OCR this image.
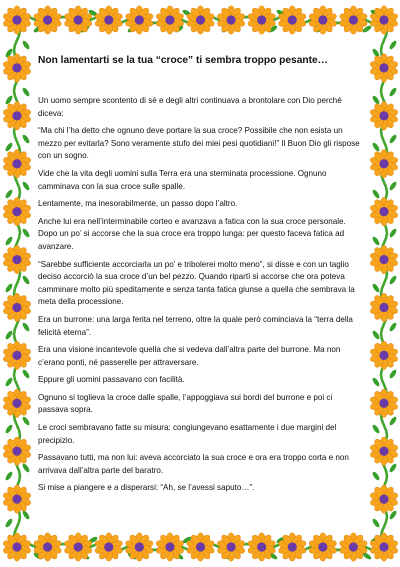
Non lamentarti se la tua “croce” ti sembra troppo pesante…

Un uomo sempre scontento di sé e degli altri continuava a brontolare con Dio perché diceva:

“Ma chi l’ha detto che ognuno deve portare la sua croce? Possibile che non esista un mezzo per evitarla? Sono veramente stufo dei miei pesi quotidiani!” Il Buon Dio gli rispose con un sogno.

Vide che la vita degli uomini sulla Terra era una sterminata processione. Ognuno camminava con la sua croce sulle spalle.

Lentamente, ma inesorabilmente, un passo dopo l’altro.

Anche lui era nell’interminabile corteo e avanzava a fatica con la sua croce personale. Dopo un po’ si accorse che la sua croce era troppo lunga: per questo faceva fatica ad avanzare.

“Sarebbe sufficiente accorciarla un po’ e tribolerei molto meno”, si disse e con un taglio deciso accorciò la sua croce d’un bel pezzo. Quando ripartì si accorse che ora poteva camminare molto più speditamente e senza tanta fatica giunse a quella che sembrava la meta della processione.

Era un burrone: una larga ferita nel terreno, oltre la quale però cominciava la “terra della felicità eterna”.

Era una visione incantevole quella che si vedeva dall’altra parte del burrone. Ma non c’erano ponti, né passerelle per attraversare.

Eppure gli uomini passavano con facilità.

Ognuno si toglieva la croce dalle spalle, l’appoggiava sui bordi del burrone e poi ci passava sopra.

Le croci sembravano fatte su misura: congiungevano esattamente i due margini del precipizio.

Passavano tutti, ma non lui: aveva accorciato la sua croce e ora era troppo corta e non arrivava dall’altra parte del baratro.

Si mise a piangere e a disperarsi: “Ah, se l’avessi saputo…”.
